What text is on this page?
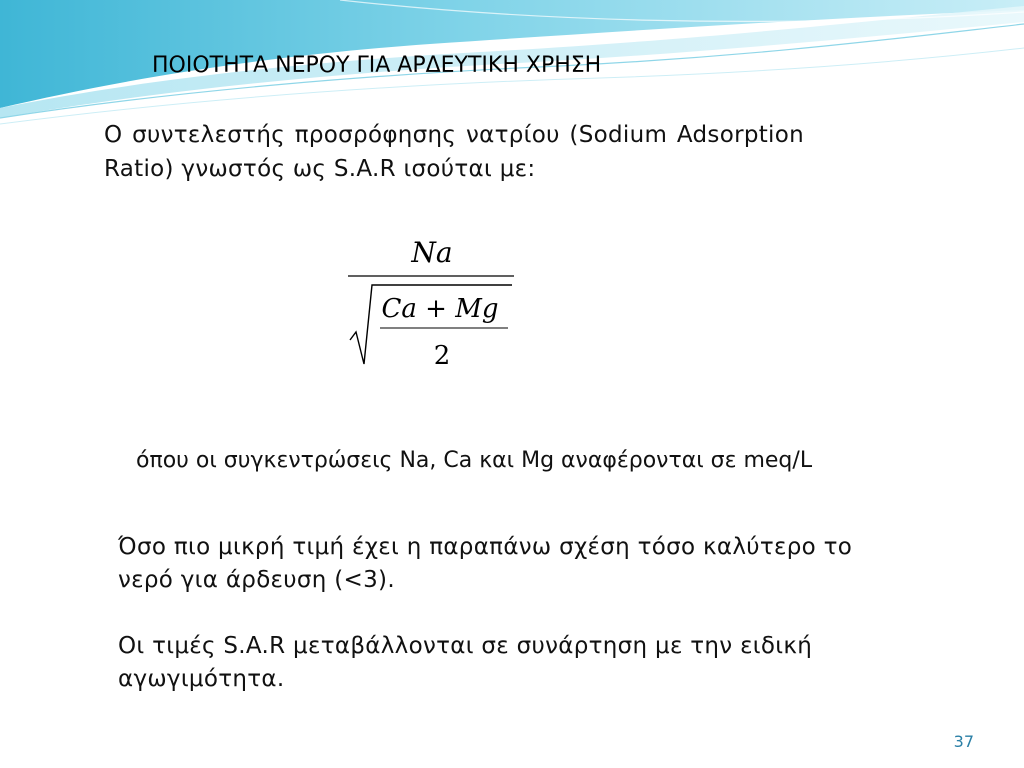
ΠΟΙΟΤΗΤΑ ΝΕΡΟΥ ΓΙΑ ΑΡΔΕΥΤΙΚΗ ΧΡΗΣΗ
Ο συντελεστής προσρόφησης νατρίου (Sodium Adsorption Ratio) γνωστός ως S.A.R ισούται με:
Na
Ca + Mg
2
όπου οι συγκεντρώσεις Na, Ca και Mg αναφέρονται σε meq/L
Όσο πιο μικρή τιμή έχει η παραπάνω σχέση τόσο καλύτερο το νερό για άρδευση (<3).
Οι τιμές S.A.R μεταβάλλονται σε συνάρτηση με την ειδική αγωγιμότητα.
37
